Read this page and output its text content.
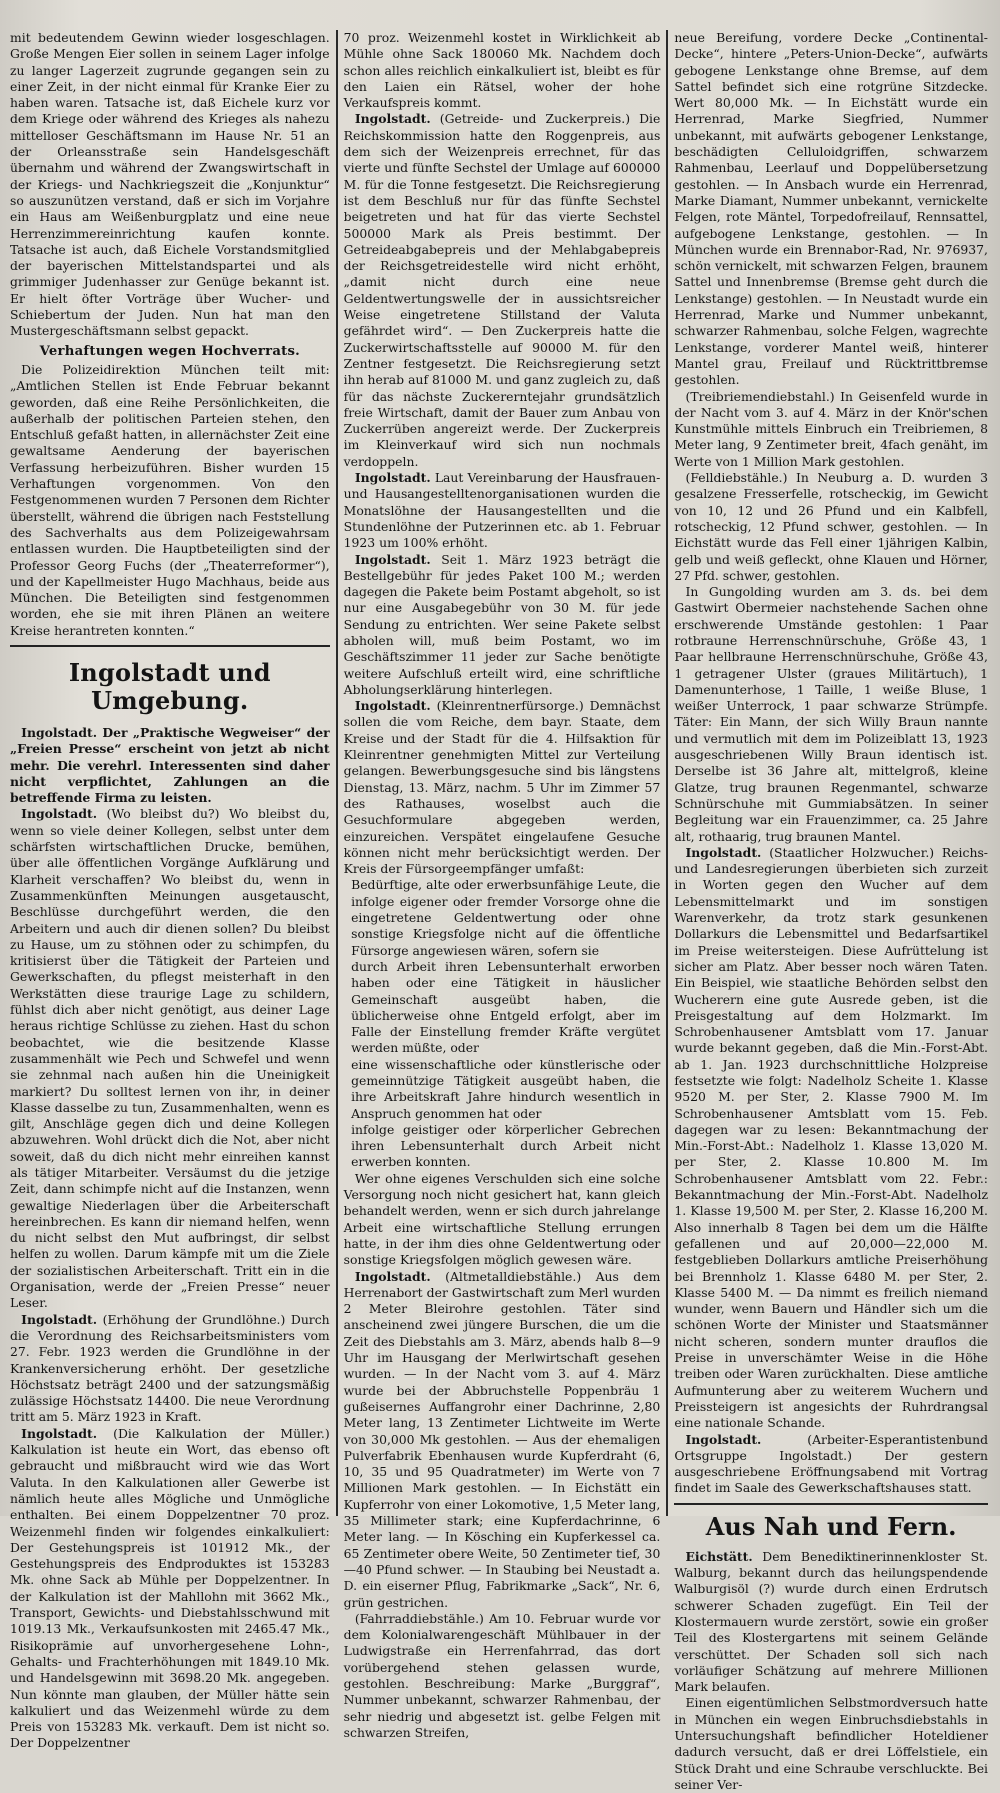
mit bedeutendem Gewinn wieder losgeschlagen. Große Mengen Eier sollen in seinem Lager infolge zu langer Lagerzeit zugrunde gegangen sein zu einer Zeit, in der nicht einmal für Kranke Eier zu haben waren. Tatsache ist, daß Eichele kurz vor dem Kriege oder während des Krieges als nahezu mittelloser Geschäftsmann im Hause Nr. 51 an der Orleansstraße sein Handelsgeschäft übernahm und während der Zwangswirtschaft in der Kriegs- und Nachkriegszeit die „Konjunktur“ so auszunützen verstand, daß er sich im Vorjahre ein Haus am Weißenburgplatz und eine neue Herrenzimmereinrichtung kaufen konnte. Tatsache ist auch, daß Eichele Vorstandsmitglied der bayerischen Mittelstandspartei und als grimmiger Judenhasser zur Genüge bekannt ist. Er hielt öfter Vorträge über Wucher- und Schiebertum der Juden. Nun hat man den Mustergeschäftsmann selbst gepackt.

Verhaftungen wegen Hochverrats.

Die Polizeidirektion München teilt mit: „Amtlichen Stellen ist Ende Februar bekannt geworden, daß eine Reihe Persönlichkeiten, die außerhalb der politischen Parteien stehen, den Entschluß gefaßt hatten, in allernächster Zeit eine gewaltsame Aenderung der bayerischen Verfassung herbeizuführen. Bisher wurden 15 Verhaftungen vorgenommen. Von den Festgenommenen wurden 7 Personen dem Richter überstellt, während die übrigen nach Feststellung des Sachverhalts aus dem Polizeigewahrsam entlassen wurden. Die Hauptbeteiligten sind der Professor Georg Fuchs (der „Theaterreformer“), und der Kapellmeister Hugo Machhaus, beide aus München. Die Beteiligten sind festgenommen worden, ehe sie mit ihren Plänen an weitere Kreise herantreten konnten.“

Ingolstadt und Umgebung.

Ingolstadt. Der „Praktische Wegweiser“ der „Freien Presse“ erscheint von jetzt ab nicht mehr. Die verehrl. Interessenten sind daher nicht verpflichtet, Zahlungen an die betreffende Firma zu leisten.

Ingolstadt. (Wo bleibst du?) Wo bleibst du, wenn so viele deiner Kollegen, selbst unter dem schärfsten wirtschaftlichen Drucke, bemühen, über alle öffentlichen Vorgänge Aufklärung und Klarheit verschaffen? Wo bleibst du, wenn in Zusammenkünften Meinungen ausgetauscht, Beschlüsse durchgeführt werden, die den Arbeitern und auch dir dienen sollen? Du bleibst zu Hause, um zu stöhnen oder zu schimpfen, du kritisierst über die Tätigkeit der Parteien und Gewerkschaften, du pflegst meisterhaft in den Werkstätten diese traurige Lage zu schildern, fühlst dich aber nicht genötigt, aus deiner Lage heraus richtige Schlüsse zu ziehen. Hast du schon beobachtet, wie die besitzende Klasse zusammenhält wie Pech und Schwefel und wenn sie zehnmal nach außen hin die Uneinigkeit markiert? Du solltest lernen von ihr, in deiner Klasse dasselbe zu tun, Zusammenhalten, wenn es gilt, Anschläge gegen dich und deine Kollegen abzuwehren. Wohl drückt dich die Not, aber nicht soweit, daß du dich nicht mehr einreihen kannst als tätiger Mitarbeiter. Versäumst du die jetzige Zeit, dann schimpfe nicht auf die Instanzen, wenn gewaltige Niederlagen über die Arbeiterschaft hereinbrechen. Es kann dir niemand helfen, wenn du nicht selbst den Mut aufbringst, dir selbst helfen zu wollen. Darum kämpfe mit um die Ziele der sozialistischen Arbeiterschaft. Tritt ein in die Organisation, werde der „Freien Presse“ neuer Leser.

Ingolstadt. (Erhöhung der Grundlöhne.) Durch die Verordnung des Reichsarbeitsministers vom 27. Febr. 1923 werden die Grundlöhne in der Krankenversicherung erhöht. Der gesetzliche Höchstsatz beträgt 2400 und der satzungsmäßig zulässige Höchstsatz 14400. Die neue Verordnung tritt am 5. März 1923 in Kraft.

Ingolstadt. (Die Kalkulation der Müller.) Kalkulation ist heute ein Wort, das ebenso oft gebraucht und mißbraucht wird wie das Wort Valuta. In den Kalkulationen aller Gewerbe ist nämlich heute alles Mögliche und Unmögliche enthalten. Bei einem Doppelzentner 70 proz. Weizenmehl finden wir folgendes einkalkuliert: Der Gestehungspreis ist 101912 Mk., der Gestehungspreis des Endproduktes ist 153283 Mk. ohne Sack ab Mühle per Doppelzentner. In der Kalkulation ist der Mahllohn mit 3662 Mk., Transport, Gewichts- und Diebstahlsschwund mit 1019.13 Mk., Verkaufsunkosten mit 2465.47 Mk., Risikoprämie auf unvorhergesehene Lohn-, Gehalts- und Frachterhöhungen mit 1849.10 Mk. und Handelsgewinn mit 3698.20 Mk. angegeben. Nun könnte man glauben, der Müller hätte sein kalkuliert und das Weizenmehl würde zu dem Preis von 153283 Mk. verkauft. Dem ist nicht so. Der Doppelzentner

70 proz. Weizenmehl kostet in Wirklichkeit ab Mühle ohne Sack 180060 Mk. Nachdem doch schon alles reichlich einkalkuliert ist, bleibt es für den Laien ein Rätsel, woher der hohe Verkaufspreis kommt.

Ingolstadt. (Getreide- und Zuckerpreis.) Die Reichskommission hatte den Roggenpreis, aus dem sich der Weizenpreis errechnet, für das vierte und fünfte Sechstel der Umlage auf 600000 M. für die Tonne festgesetzt. Die Reichsregierung ist dem Beschluß nur für das fünfte Sechstel beigetreten und hat für das vierte Sechstel 500000 Mark als Preis bestimmt. Der Getreideabgabepreis und der Mehlabgabepreis der Reichsgetreidestelle wird nicht erhöht, „damit nicht durch eine neue Geldentwertungswelle der in aussichtsreicher Weise eingetretene Stillstand der Valuta gefährdet wird“. — Den Zuckerpreis hatte die Zuckerwirtschaftsstelle auf 90000 M. für den Zentner festgesetzt. Die Reichsregierung setzt ihn herab auf 81000 M. und ganz zugleich zu, daß für das nächste Zuckererntejahr grundsätzlich freie Wirtschaft, damit der Bauer zum Anbau von Zuckerrüben angereizt werde. Der Zuckerpreis im Kleinverkauf wird sich nun nochmals verdoppeln.

Ingolstadt. Laut Vereinbarung der Hausfrauen- und Hausangestelltenorganisationen wurden die Monatslöhne der Hausangestellten und die Stundenlöhne der Putzerinnen etc. ab 1. Februar 1923 um 100% erhöht.

Ingolstadt. Seit 1. März 1923 beträgt die Bestellgebühr für jedes Paket 100 M.; werden dagegen die Pakete beim Postamt abgeholt, so ist nur eine Ausgabegebühr von 30 M. für jede Sendung zu entrichten. Wer seine Pakete selbst abholen will, muß beim Postamt, wo im Geschäftszimmer 11 jeder zur Sache benötigte weitere Aufschluß erteilt wird, eine schriftliche Abholungserklärung hinterlegen.

Ingolstadt. (Kleinrentnerfürsorge.) Demnächst sollen die vom Reiche, dem bayr. Staate, dem Kreise und der Stadt für die 4. Hilfsaktion für Kleinrentner genehmigten Mittel zur Verteilung gelangen. Bewerbungsgesuche sind bis längstens Dienstag, 13. März, nachm. 5 Uhr im Zimmer 57 des Rathauses, woselbst auch die Gesuchformulare abgegeben werden, einzureichen. Verspätet eingelaufene Gesuche können nicht mehr berücksichtigt werden. Der Kreis der Fürsorgeempfänger umfaßt:

Bedürftige, alte oder erwerbsunfähige Leute, die infolge eigener oder fremder Vorsorge ohne die eingetretene Geldentwertung oder ohne sonstige Kriegsfolge nicht auf die öffentliche Fürsorge angewiesen wären, sofern sie

durch Arbeit ihren Lebensunterhalt erworben haben oder eine Tätigkeit in häuslicher Gemeinschaft ausgeübt haben, die üblicherweise ohne Entgeld erfolgt, aber im Falle der Einstellung fremder Kräfte vergütet werden müßte, oder

eine wissenschaftliche oder künstlerische oder gemeinnützige Tätigkeit ausgeübt haben, die ihre Arbeitskraft Jahre hindurch wesentlich in Anspruch genommen hat oder

infolge geistiger oder körperlicher Gebrechen ihren Lebensunterhalt durch Arbeit nicht erwerben konnten.

Wer ohne eigenes Verschulden sich eine solche Versorgung noch nicht gesichert hat, kann gleich behandelt werden, wenn er sich durch jahrelange Arbeit eine wirtschaftliche Stellung errungen hatte, in der ihm dies ohne Geldentwertung oder sonstige Kriegsfolgen möglich gewesen wäre.

Ingolstadt. (Altmetalldiebstähle.) Aus dem Herrenabort der Gastwirtschaft zum Merl wurden 2 Meter Bleirohre gestohlen. Täter sind anscheinend zwei jüngere Burschen, die um die Zeit des Diebstahls am 3. März, abends halb 8—9 Uhr im Hausgang der Merlwirtschaft gesehen wurden. — In der Nacht vom 3. auf 4. März wurde bei der Abbruchstelle Poppenbräu 1 gußeisernes Auffangrohr einer Dachrinne, 2,80 Meter lang, 13 Zentimeter Lichtweite im Werte von 30,000 Mk gestohlen. — Aus der ehemaligen Pulverfabrik Ebenhausen wurde Kupferdraht (6, 10, 35 und 95 Quadratmeter) im Werte von 7 Millionen Mark gestohlen. — In Eichstätt ein Kupferrohr von einer Lokomotive, 1,5 Meter lang, 35 Millimeter stark; eine Kupferdachrinne, 6 Meter lang. — In Kösching ein Kupferkessel ca. 65 Zentimeter obere Weite, 50 Zentimeter tief, 30—40 Pfund schwer. — In Staubing bei Neustadt a. D. ein eiserner Pflug, Fabrikmarke „Sack“, Nr. 6, grün gestrichen.

(Fahrraddiebstähle.) Am 10. Februar wurde vor dem Kolonialwarengeschäft Mühlbauer in der Ludwigstraße ein Herrenfahrrad, das dort vorübergehend stehen gelassen wurde, gestohlen. Beschreibung: Marke „Burggraf“, Nummer unbekannt, schwarzer Rahmenbau, der sehr niedrig und abgesetzt ist. gelbe Felgen mit schwarzen Streifen,

neue Bereifung, vordere Decke „Continental-Decke“, hintere „Peters-Union-Decke“, aufwärts gebogene Lenkstange ohne Bremse, auf dem Sattel befindet sich eine rotgrüne Sitzdecke. Wert 80,000 Mk. — In Eichstätt wurde ein Herrenrad, Marke Siegfried, Nummer unbekannt, mit aufwärts gebogener Lenkstange, beschädigten Celluloidgriffen, schwarzem Rahmenbau, Leerlauf und Doppelübersetzung gestohlen. — In Ansbach wurde ein Herrenrad, Marke Diamant, Nummer unbekannt, vernickelte Felgen, rote Mäntel, Torpedofreilauf, Rennsattel, aufgebogene Lenkstange, gestohlen. — In München wurde ein Brennabor-Rad, Nr. 976937, schön vernickelt, mit schwarzen Felgen, braunem Sattel und Innenbremse (Bremse geht durch die Lenkstange) gestohlen. — In Neustadt wurde ein Herrenrad, Marke und Nummer unbekannt, schwarzer Rahmenbau, solche Felgen, wagrechte Lenkstange, vorderer Mantel weiß, hinterer Mantel grau, Freilauf und Rücktrittbremse gestohlen.

(Treibriemendiebstahl.) In Geisenfeld wurde in der Nacht vom 3. auf 4. März in der Knör'schen Kunstmühle mittels Einbruch ein Treibriemen, 8 Meter lang, 9 Zentimeter breit, 4fach genäht, im Werte von 1 Million Mark gestohlen.

(Felldiebstähle.) In Neuburg a. D. wurden 3 gesalzene Fresserfelle, rotscheckig, im Gewicht von 10, 12 und 26 Pfund und ein Kalbfell, rotscheckig, 12 Pfund schwer, gestohlen. — In Eichstätt wurde das Fell einer 1jährigen Kalbin, gelb und weiß gefleckt, ohne Klauen und Hörner, 27 Pfd. schwer, gestohlen.

In Gungolding wurden am 3. ds. bei dem Gastwirt Obermeier nachstehende Sachen ohne erschwerende Umstände gestohlen: 1 Paar rotbraune Herrenschnürschuhe, Größe 43, 1 Paar hellbraune Herrenschnürschuhe, Größe 43, 1 getragener Ulster (graues Militärtuch), 1 Damenunterhose, 1 Taille, 1 weiße Bluse, 1 weißer Unterrock, 1 paar schwarze Strümpfe. Täter: Ein Mann, der sich Willy Braun nannte und vermutlich mit dem im Polizeiblatt 13, 1923 ausgeschriebenen Willy Braun identisch ist. Derselbe ist 36 Jahre alt, mittelgroß, kleine Glatze, trug braunen Regenmantel, schwarze Schnürschuhe mit Gummiabsätzen. In seiner Begleitung war ein Frauenzimmer, ca. 25 Jahre alt, rothaarig, trug braunen Mantel.

Ingolstadt. (Staatlicher Holzwucher.) Reichs- und Landesregierungen überbieten sich zurzeit in Worten gegen den Wucher auf dem Lebensmittelmarkt und im sonstigen Warenverkehr, da trotz stark gesunkenen Dollarkurs die Lebensmittel und Bedarfsartikel im Preise weitersteigen. Diese Aufrüttelung ist sicher am Platz. Aber besser noch wären Taten. Ein Beispiel, wie staatliche Behörden selbst den Wucherern eine gute Ausrede geben, ist die Preisgestaltung auf dem Holzmarkt. Im Schrobenhausener Amtsblatt vom 17. Januar wurde bekannt gegeben, daß die Min.-Forst-Abt. ab 1. Jan. 1923 durchschnittliche Holzpreise festsetzte wie folgt: Nadelholz Scheite 1. Klasse 9520 M. per Ster, 2. Klasse 7900 M. Im Schrobenhausener Amtsblatt vom 15. Feb. dagegen war zu lesen: Bekanntmachung der Min.-Forst-Abt.: Nadelholz 1. Klasse 13,020 M. per Ster, 2. Klasse 10.800 M. Im Schrobenhausener Amtsblatt vom 22. Febr.: Bekanntmachung der Min.-Forst-Abt. Nadelholz 1. Klasse 19,500 M. per Ster, 2. Klasse 16,200 M. Also innerhalb 8 Tagen bei dem um die Hälfte gefallenen und auf 20,000—22,000 M. festgeblieben Dollarkurs amtliche Preiserhöhung bei Brennholz 1. Klasse 6480 M. per Ster, 2. Klasse 5400 M. — Da nimmt es freilich niemand wunder, wenn Bauern und Händler sich um die schönen Worte der Minister und Staatsmänner nicht scheren, sondern munter drauflos die Preise in unverschämter Weise in die Höhe treiben oder Waren zurückhalten. Diese amtliche Aufmunterung aber zu weiterem Wuchern und Preissteigern ist angesichts der Ruhrdrangsal eine nationale Schande.

Ingolstadt.	(Arbeiter-Esperantistenbund Ortsgruppe Ingolstadt.) Der gestern ausgeschriebene Eröffnungsabend mit Vortrag findet im Saale des Gewerkschaftshauses statt.

Aus Nah und Fern.

Eichstätt. Dem Benediktinerinnenkloster St. Walburg, bekannt durch das heilungspendende Walburgisöl (?) wurde durch einen Erdrutsch schwerer Schaden zugefügt. Ein Teil der Klostermauern wurde zerstört, sowie ein großer Teil des Klostergartens mit seinem Gelände verschüttet. Der Schaden soll sich nach vorläufiger Schätzung auf mehrere Millionen Mark belaufen.

Einen eigentümlichen Selbstmordversuch hatte in München ein wegen Einbruchsdiebstahls in Untersuchungshaft befindlicher Hoteldiener dadurch versucht, daß er drei Löffelstiele, ein Stück Draht und eine Schraube verschluckte. Bei seiner Ver-
